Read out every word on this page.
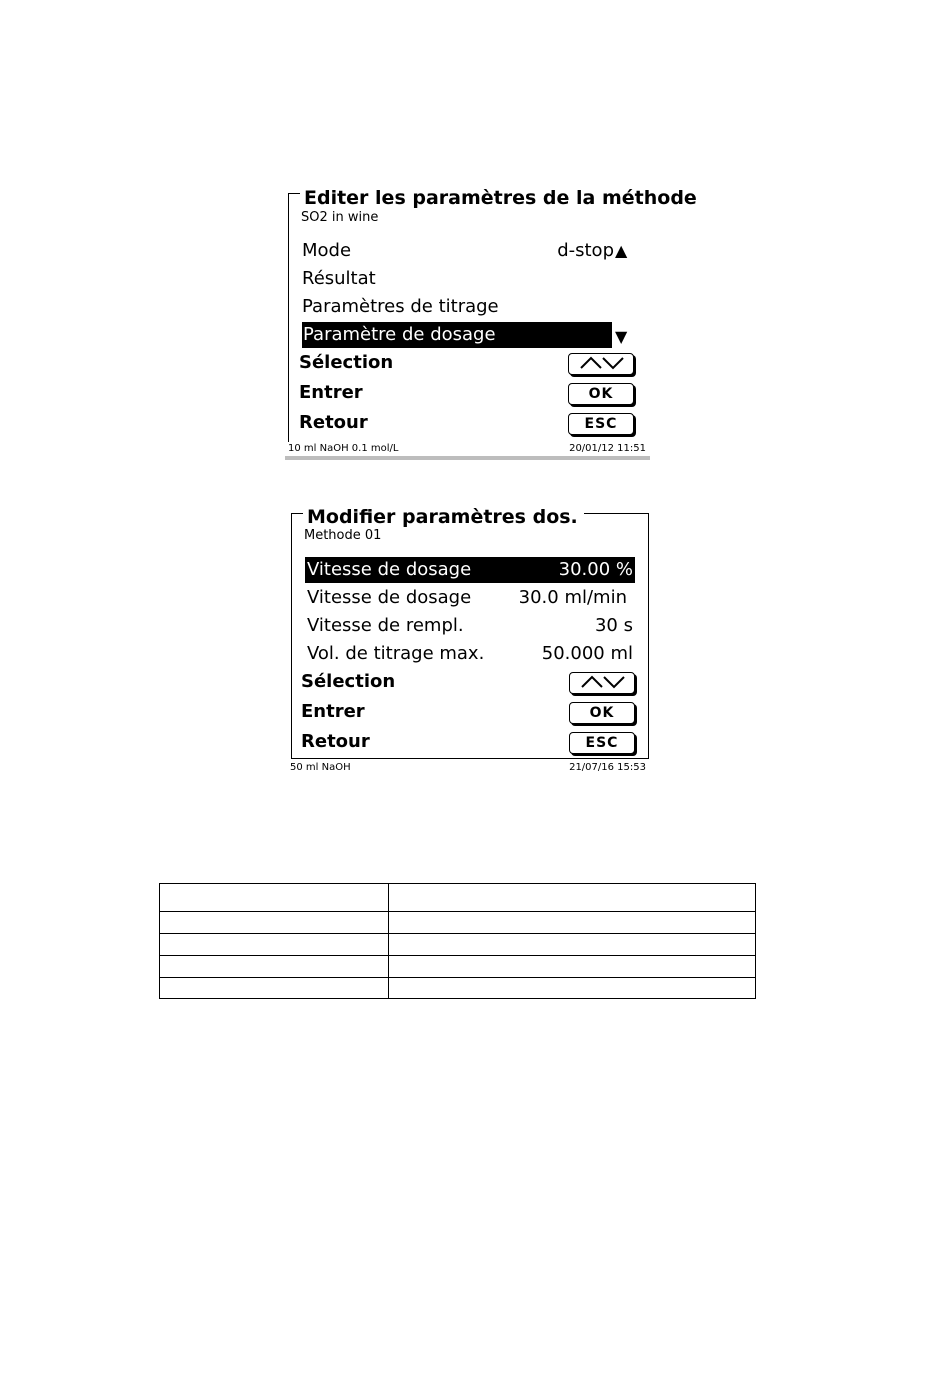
Editer les paramètres de la méthode
SO2 in wine
Mode	d-stop ▲
Résultat
Paramètres de titrage
Paramètre de dosage	▼
Sélection
Entrer	OK
Retour	ESC
10 ml NaOH 0.1 mol/L	20/01/12 11:51
Modifier paramètres dos.
Methode 01
Vitesse de dosage	30.00 %
Vitesse de dosage	30.0 ml/min
Vitesse de rempl.	30 s
Vol. de titrage max.	50.000 ml
Sélection
Entrer	OK
Retour	ESC
50 ml NaOH	21/07/16 15:53
